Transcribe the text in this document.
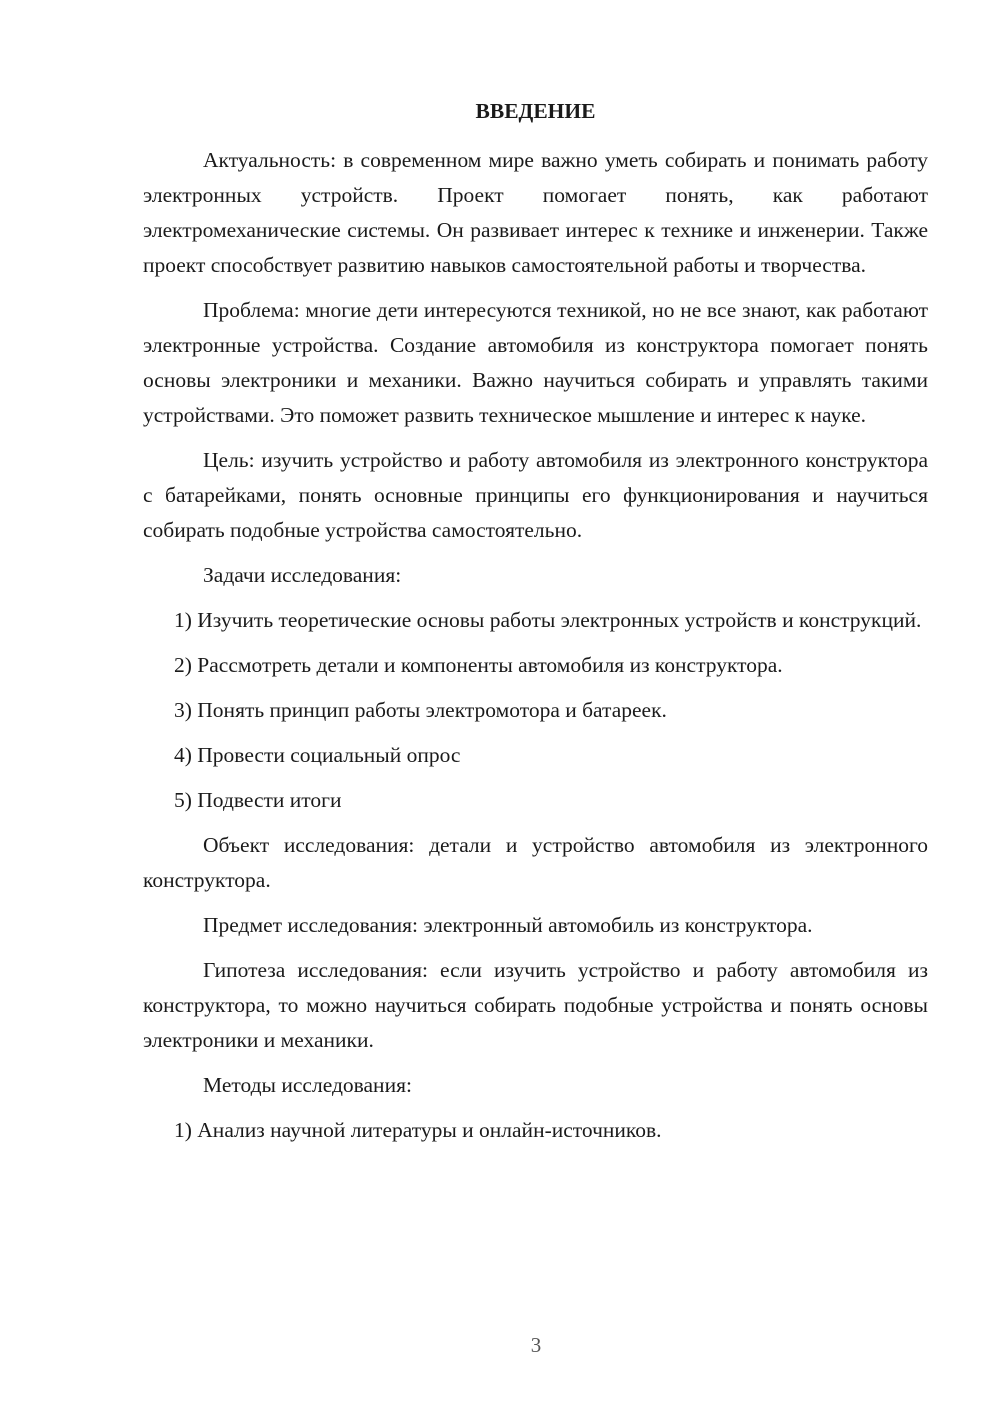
ВВЕДЕНИЕ

Актуальность: в современном мире важно уметь собирать и понимать работу электронных устройств. Проект помогает понять, как работают электромеханические системы. Он развивает интерес к технике и инженерии. Также проект способствует развитию навыков самостоятельной работы и творчества.

Проблема: многие дети интересуются техникой, но не все знают, как работают электронные устройства. Создание автомобиля из конструктора помогает понять основы электроники и механики. Важно научиться собирать и управлять такими устройствами. Это поможет развить техническое мышление и интерес к науке.

Цель: изучить устройство и работу автомобиля из электронного конструктора с батарейками, понять основные принципы его функционирования и научиться собирать подобные устройства самостоятельно.

Задачи исследования:

1) Изучить теоретические основы работы электронных устройств и конструкций.

2) Рассмотреть детали и компоненты автомобиля из конструктора.

3) Понять принцип работы электромотора и батареек.

4) Провести социальный опрос

5) Подвести итоги

Объект исследования: детали и устройство автомобиля из электронного конструктора.

Предмет исследования: электронный автомобиль из конструктора.

Гипотеза исследования: если изучить устройство и работу автомобиля из конструктора, то можно научиться собирать подобные устройства и понять основы электроники и механики.

Методы исследования:

1) Анализ научной литературы и онлайн-источников.

3
